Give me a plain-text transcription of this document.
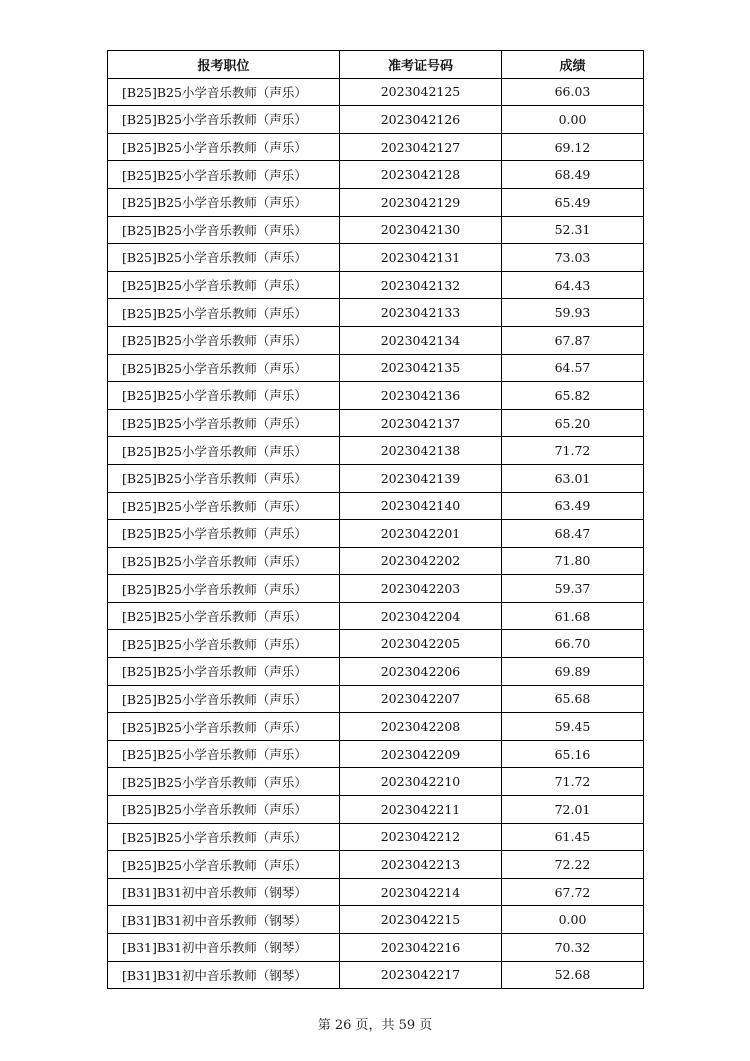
报考职位	准考证号码	成绩
[B25]B25小学音乐教师（声乐）	2023042125	66.03
[B25]B25小学音乐教师（声乐）	2023042126	0.00
[B25]B25小学音乐教师（声乐）	2023042127	69.12
[B25]B25小学音乐教师（声乐）	2023042128	68.49
[B25]B25小学音乐教师（声乐）	2023042129	65.49
[B25]B25小学音乐教师（声乐）	2023042130	52.31
[B25]B25小学音乐教师（声乐）	2023042131	73.03
[B25]B25小学音乐教师（声乐）	2023042132	64.43
[B25]B25小学音乐教师（声乐）	2023042133	59.93
[B25]B25小学音乐教师（声乐）	2023042134	67.87
[B25]B25小学音乐教师（声乐）	2023042135	64.57
[B25]B25小学音乐教师（声乐）	2023042136	65.82
[B25]B25小学音乐教师（声乐）	2023042137	65.20
[B25]B25小学音乐教师（声乐）	2023042138	71.72
[B25]B25小学音乐教师（声乐）	2023042139	63.01
[B25]B25小学音乐教师（声乐）	2023042140	63.49
[B25]B25小学音乐教师（声乐）	2023042201	68.47
[B25]B25小学音乐教师（声乐）	2023042202	71.80
[B25]B25小学音乐教师（声乐）	2023042203	59.37
[B25]B25小学音乐教师（声乐）	2023042204	61.68
[B25]B25小学音乐教师（声乐）	2023042205	66.70
[B25]B25小学音乐教师（声乐）	2023042206	69.89
[B25]B25小学音乐教师（声乐）	2023042207	65.68
[B25]B25小学音乐教师（声乐）	2023042208	59.45
[B25]B25小学音乐教师（声乐）	2023042209	65.16
[B25]B25小学音乐教师（声乐）	2023042210	71.72
[B25]B25小学音乐教师（声乐）	2023042211	72.01
[B25]B25小学音乐教师（声乐）	2023042212	61.45
[B25]B25小学音乐教师（声乐）	2023042213	72.22
[B31]B31初中音乐教师（钢琴）	2023042214	67.72
[B31]B31初中音乐教师（钢琴）	2023042215	0.00
[B31]B31初中音乐教师（钢琴）	2023042216	70.32
[B31]B31初中音乐教师（钢琴）	2023042217	52.68
第 26 页，共 59 页
